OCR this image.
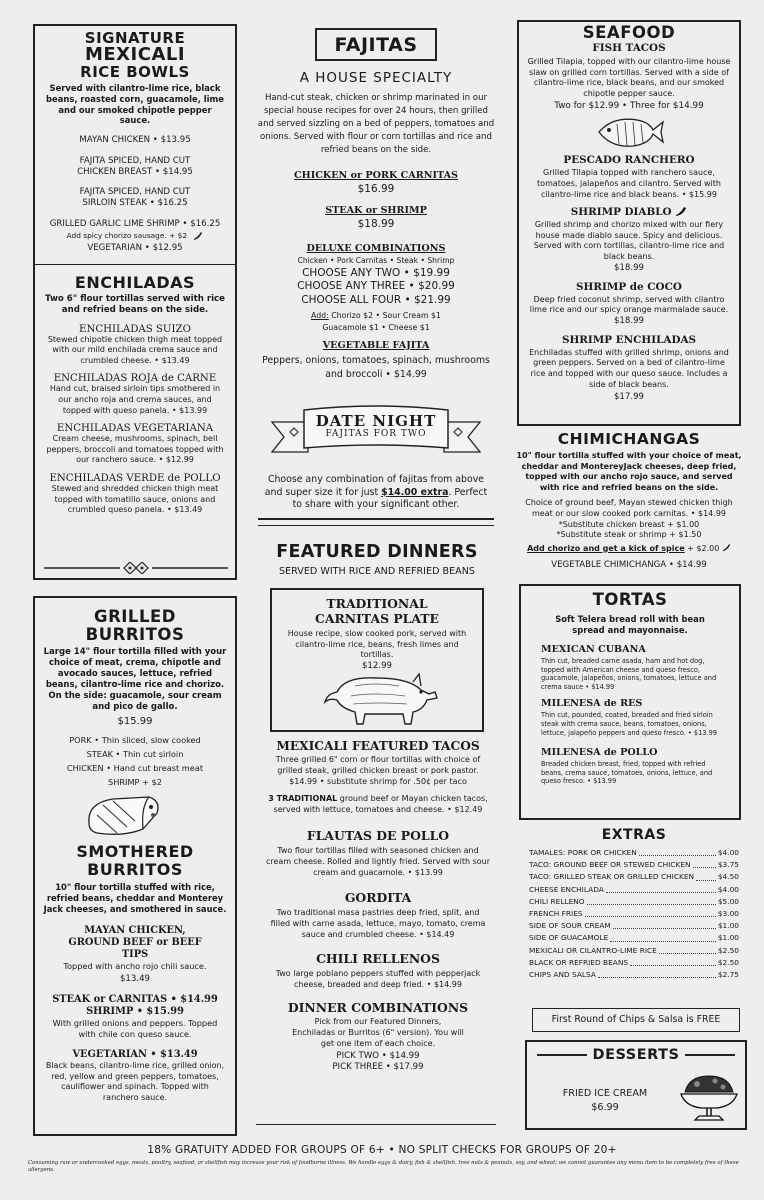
SIGNATURE
MEXICALI
RICE BOWLS
Served with cilantro-lime rice, black beans, roasted corn, guacamole, lime and our smoked chipotle pepper sauce.
MAYAN CHICKEN • $13.95
FAJITA SPICED, HAND CUT CHICKEN BREAST • $14.95
FAJITA SPICED, HAND CUT SIRLOIN STEAK • $16.25
GRILLED GARLIC LIME SHRIMP • $16.25
Add spicy chorizo sausage. + $2
VEGETARIAN • $12.95
ENCHILADAS
Two 6" flour tortillas served with rice and refried beans on the side.
ENCHILADAS SUIZO
Stewed chipotle chicken thigh meat topped with our mild enchilada crema sauce and crumbled cheese. • $13.49
ENCHILADAS ROJA de CARNE
Hand cut, braised sirloin tips smothered in our ancho roja and crema sauces, and topped with queso panela. • $13.99
ENCHILADAS VEGETARIANA
Cream cheese, mushrooms, spinach, bell peppers, broccoli and tomatoes topped with our ranchero sauce. • $12.99
ENCHILADAS VERDE de POLLO
Stewed and shredded chicken thigh meat topped with tomatillo sauce, onions and crumbled queso panela. • $13.49
GRILLED BURRITOS
Large 14" flour tortilla filled with your choice of meat, crema, chipotle and avocado sauces, lettuce, refried beans, cilantro-lime rice and chorizo. On the side: guacamole, sour cream and pico de gallo.
$15.99
PORK • Thin sliced, slow cooked
STEAK • Thin cut sirloin
CHICKEN • Hand cut breast meat
SHRIMP + $2
SMOTHERED
BURRITOS
10" flour tortilla stuffed with rice, refried beans, cheddar and Monterey Jack cheeses, and smothered in sauce.
MAYAN CHICKEN, GROUND BEEF or BEEF TIPS
Topped with ancho rojo chili sauce.
$13.49
STEAK or CARNITAS • $14.99
SHRIMP • $15.99
With grilled onions and peppers. Topped with chile con queso sauce.
VEGETARIAN • $13.49
Black beans, cilantro-lime rice, grilled onion, red, yellow and green peppers, tomatoes, cauliflower and spinach. Topped with ranchero sauce.
FAJITAS
A HOUSE SPECIALTY
Hand-cut steak, chicken or shrimp marinated in our special house recipes for over 24 hours, then grilled and served sizzling on a bed of peppers, tomatoes and onions. Served with flour or corn tortillas and rice and refried beans on the side.
CHICKEN or PORK CARNITAS
$16.99
STEAK or SHRIMP
$18.99
DELUXE COMBINATIONS
Chicken • Pork Carnitas • Steak • Shrimp
CHOOSE ANY TWO • $19.99
CHOOSE ANY THREE • $20.99
CHOOSE ALL FOUR • $21.99
Add: Chorizo $2 • Sour Cream $1
Guacamole $1 • Cheese $1
VEGETABLE FAJITA
Peppers, onions, tomatoes, spinach, mushrooms and broccoli • $14.99
DATE NIGHT
FAJITAS FOR TWO
Choose any combination of fajitas from above and super size it for just $14.00 extra. Perfect to share with your significant other.
FEATURED DINNERS
SERVED WITH RICE AND REFRIED BEANS
TRADITIONAL
CARNITAS PLATE
House recipe, slow cooked pork, served with cilantro-lime rice, beans, fresh limes and tortillas.
$12.99
MEXICALI FEATURED TACOS
Three grilled 6" corn or flour tortillas with choice of grilled steak, grilled chicken breast or pork pastor.
$14.99 • substitute shrimp for .50¢ per taco
3 TRADITIONAL ground beef or Mayan chicken tacos, served with lettuce, tomatoes and cheese. • $12.49
FLAUTAS DE POLLO
Two flour tortillas filled with seasoned chicken and cream cheese. Rolled and lightly fried. Served with sour cream and guacamole. • $13.99
GORDITA
Two traditional masa pastries deep fried, split, and filled with carne asada, lettuce, mayo, tomato, crema sauce and crumbled cheese. • $14.49
CHILI RELLENOS
Two large poblano peppers stuffed with pepperjack cheese, breaded and deep fried. • $14.99
DINNER COMBINATIONS
Pick from our Featured Dinners, Enchiladas or Burritos (6" version). You will get one item of each choice.
PICK TWO • $14.99
PICK THREE • $17.99
SEAFOOD
FISH TACOS
Grilled Tilapia, topped with our cilantro-lime house slaw on grilled corn tortillas. Served with a side of cilantro-lime rice, black beans, and our smoked chipotle pepper sauce.
Two for $12.99 • Three for $14.99
PESCADO RANCHERO
Grilled Tilapia topped with ranchero sauce, tomatoes, jalapeños and cilantro. Served with cilantro-lime rice and black beans. • $15.99
SHRIMP DIABLO
Grilled shrimp and chorizo mixed with our fiery house made diablo sauce. Spicy and delicious. Served with corn tortillas, cilantro-lime rice and black beans.
$18.99
SHRIMP de COCO
Deep fried coconut shrimp, served with cilantro lime rice and our spicy orange marmalade sauce.
$18.99
SHRIMP ENCHILADAS
Enchiladas stuffed with grilled shrimp, onions and green peppers. Served on a bed of cilantro-lime rice and topped with our queso sauce. Includes a side of black beans.
$17.99
CHIMICHANGAS
10" flour tortilla stuffed with your choice of meat, cheddar and MontereyJack cheeses, deep fried, topped with our ancho rojo sauce, and served with rice and refried beans on the side.
Choice of ground beef, Mayan stewed chicken thigh meat or our slow cooked pork carnitas. • $14.99
*Substitute chicken breast + $1.00
*Substitute steak or shrimp + $1.50
Add chorizo and get a kick of spice + $2.00
VEGETABLE CHIMICHANGA • $14.99
TORTAS
Soft Telera bread roll with bean spread and mayonnaise.
MEXICAN CUBANA
Thin cut, breaded carne asada, ham and hot dog, topped with American cheese and queso fresco, guacamole, jalapeños, onions, tomatoes, lettuce and crema sauce • $14.99
MILENESA de RES
Thin cut, pounded, coated, breaded and fried sirloin steak with crema sauce, beans, tomatoes, onions, lettuce, jalapeño peppers and queso fresco. • $13.99
MILENESA de POLLO
Breaded chicken breast, fried, topped with refried beans, crema sauce, tomatoes, onions, lettuce, and queso fresco. • $13.99
EXTRAS
TAMALES: PORK OR CHICKEN	$4.00
TACO: GROUND BEEF OR STEWED CHICKEN	$3.75
TACO: GRILLED STEAK OR GRILLED CHICKEN	$4.50
CHEESE ENCHILADA	$4.00
CHILI RELLENO	$5.00
FRENCH FRIES	$3.00
SIDE OF SOUR CREAM	$1.00
SIDE OF GUACAMOLE	$1.00
MEXICALI OR CILANTRO-LIME RICE	$2.50
BLACK OR REFRIED BEANS	$2.50
CHIPS AND SALSA	$2.75
First Round of Chips & Salsa is FREE
DESSERTS
FRIED ICE CREAM
$6.99
18% GRATUITY ADDED FOR GROUPS OF 6+ • NO SPLIT CHECKS FOR GROUPS OF 20+
Consuming raw or undercooked eggs, meats, poultry, seafood, or shellfish may increase your risk of foodborne illness. We handle eggs & dairy, fish & shellfish, tree nuts & peanuts, soy, and wheat; we cannot guarantee any menu item to be completely free of these allergens.
